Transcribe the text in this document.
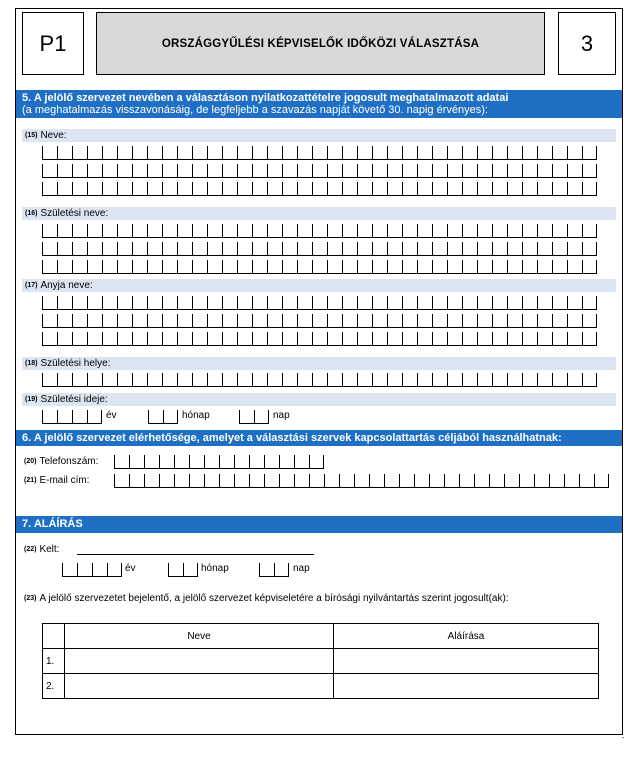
P1	ORSZÁGGYŰLÉSI KÉPVISELŐK IDŐKÖZI VÁLASZTÁSA	3
5. A jelölő szervezet nevében a választáson nyilatkozattételre jogosult meghatalmazott adatai
(a meghatalmazás visszavonásáig, de legfeljebb a szavazás napját követő 30. napig érvényes):
(15) Neve:
(16) Születési neve:
(17) Anyja neve:
(18) Születési helye:
(19) Születési ideje:
év	hónap	nap
6. A jelölő szervezet elérhetősége, amelyet a választási szervek kapcsolattartás céljából használhatnak:
(20) Telefonszám:
(21) E-mail cím:
7. ALÁÍRÁS
(22) Kelt:
év	hónap	nap
(23) A jelölő szervezetet bejelentő, a jelölő szervezet képviseletére a bírósági nyilvántartás szerint jogosult(ak):
	Neve	Aláírása
1.		
2.		
"
